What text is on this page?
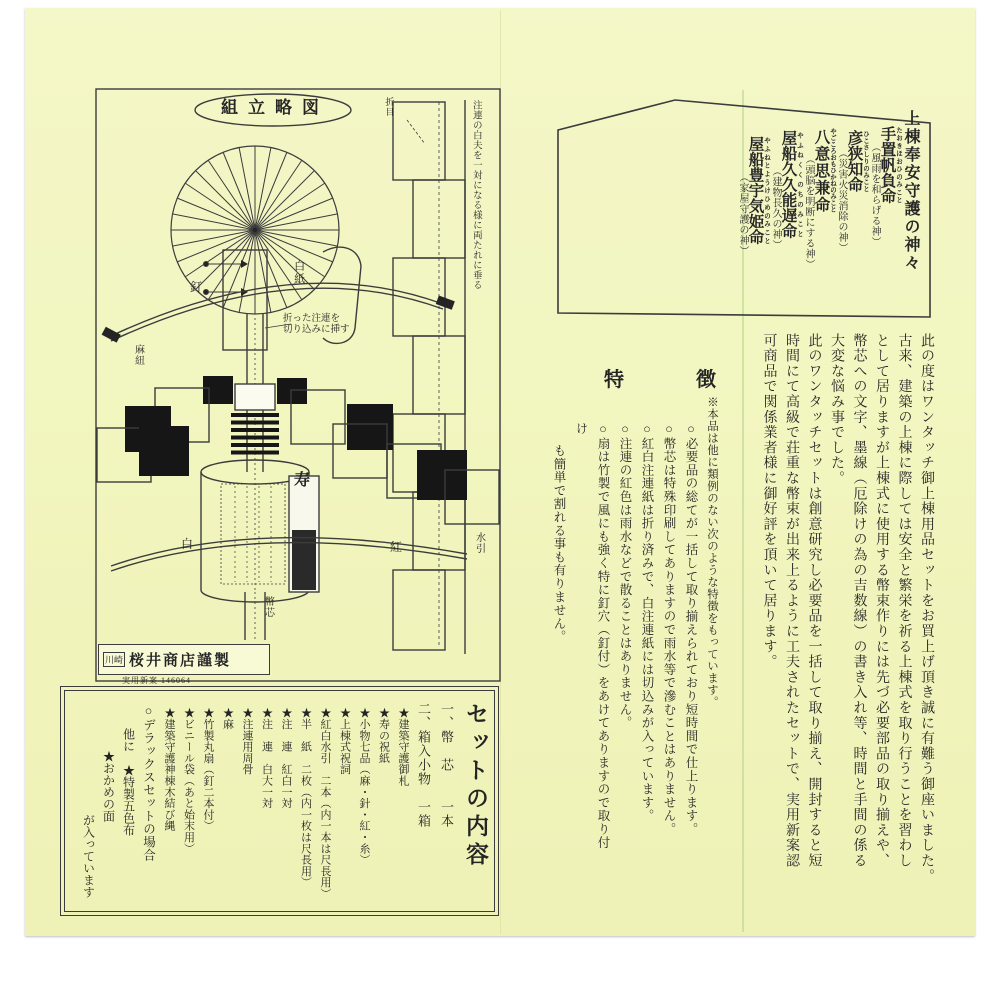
組立略図	折目	注連の白夫を一対になる様に両たれに垂る
釘
白紙
折った注連を
切り込みに挿す
麻紐
白	紅	水引
寿
幣芯
川崎 桜井商店謹製
実用新案 146064
上棟奉安守護の神々
手置帆負命 たおきほおひのみこと
（風雨を和らげる神）
彦狭知命 ひこさしりのみこと
（災害火災消除の神）
八意思兼命 やごころおもひかねのみこと
（頭脳を明断にする神）
屋船久久能遅命 やふねくくのちのみこと
（建物長久の神）
屋船豊宇気姫命 やふねとようけひめのみこと
（家屋守護の神）
此の度はワンタッチ御上棟用品セットをお買上げ頂き誠に有難う御座いました。
古来、建築の上棟に際しては安全と繁栄を祈る上棟式を取り行うことを習わし
として居りますが上棟式に使用する幣束作りには先づ必要部品の取り揃えや、
幣芯への文字、墨線（厄除けの為の吉数線）の書き入れ等、時間と手間の係る
大変な悩み事でした。
此のワンタッチセットは創意研究し必要品を一括して取り揃え、開封すると短
時間にて高級で荘重な幣束が出来上るように工夫されたセットで、実用新案認
可商品で関係業者様に御好評を頂いて居ります。
特　徴
※本品は他に類例のない次のような特徴をもっています。
○必要品の総てが一括して取り揃えられており短時間で仕上ります。
○幣芯は特殊印刷してありますので雨水等で滲むことはありません。
○紅白注連紙は折り済みで、白注連紙には切込みが入っています。
○注連の紅色は雨水などで散ることはありません。
○扇は竹製で風にも強く特に釘穴（釘付）をあけてありますので取り付け
も簡単で割れる事も有りません。
セットの内容
一、幣　芯　　一本
二、箱入小物　一箱
★建築守護御札
★寿の祝紙
★小物七品（麻・針・紅・糸）
★上棟式祝詞
★紅白水引　二本（内一本は尺長用）
★半　紙　二枚（内一枚は尺長用）
★注　連　紅白一対
★注　連　白大一対
★注連用周骨
★麻
★竹製丸扇（釘二本付）
★ビニール袋（あと始末用）
★建築守護神棟木結び縄
○デラックスセットの場合
他に　★特製五色布
★おかめの面
が入っています
